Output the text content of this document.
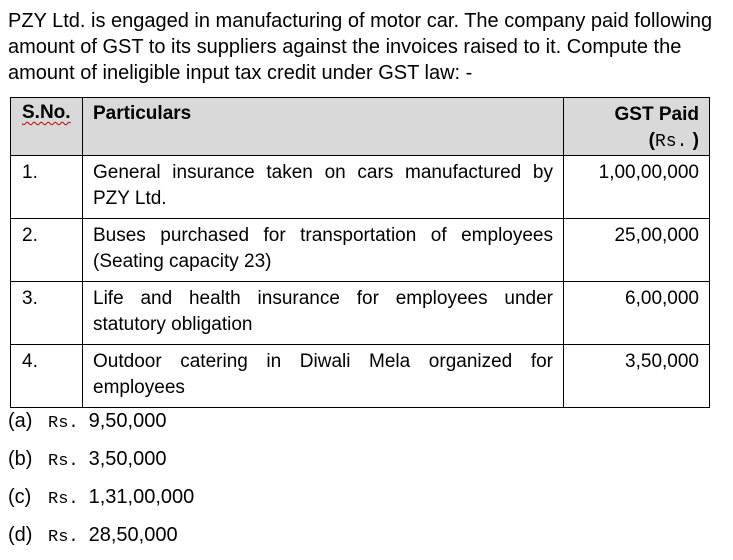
PZY Ltd. is engaged in manufacturing of motor car. The company paid following
amount of GST to its suppliers against the invoices raised to it. Compute the
amount of ineligible input tax credit under GST law: -
S.No.	Particulars	GST Paid
(Rs. )

1.	General insurance taken on cars manufactured by PZY Ltd.	1,00,00,000
2.	Buses purchased for transportation of employees (Seating capacity 23)	25,00,000
3.	Life and health insurance for employees under statutory obligation	6,00,000
4.	Outdoor catering in Diwali Mela organized for employees	3,50,000
(a) Rs. 9,50,000
(b) Rs. 3,50,000
(c) Rs. 1,31,00,000
(d) Rs. 28,50,000
